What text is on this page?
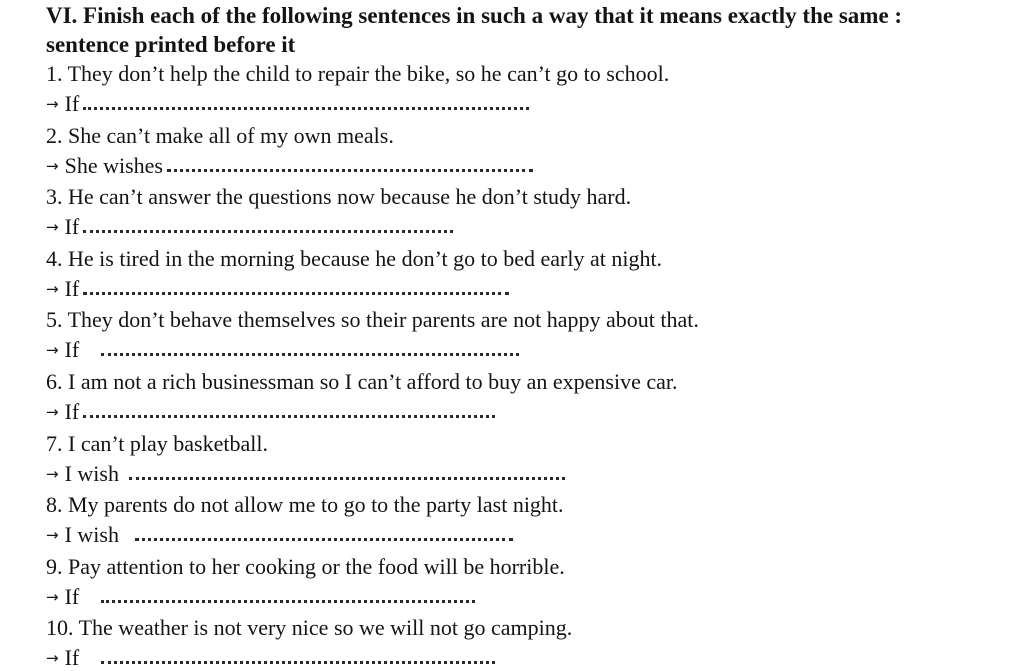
VI. Finish each of the following sentences in such a way that it means exactly the same :
sentence printed before it
1. They don’t help the child to repair the bike, so he can’t go to school.
→ If
2. She can’t make all of my own meals.
→ She wishes
3. He can’t answer the questions now because he don’t study hard.
→ If
4. He is tired in the morning because he don’t go to bed early at night.
→ If
5. They don’t behave themselves so their parents are not happy about that.
→ If
6. I am not a rich businessman so I can’t afford to buy an expensive car.
→ If
7. I can’t play basketball.
→ I wish
8. My parents do not allow me to go to the party last night.
→ I wish
9. Pay attention to her cooking or the food will be horrible.
→ If
10. The weather is not very nice so we will not go camping.
→ If
